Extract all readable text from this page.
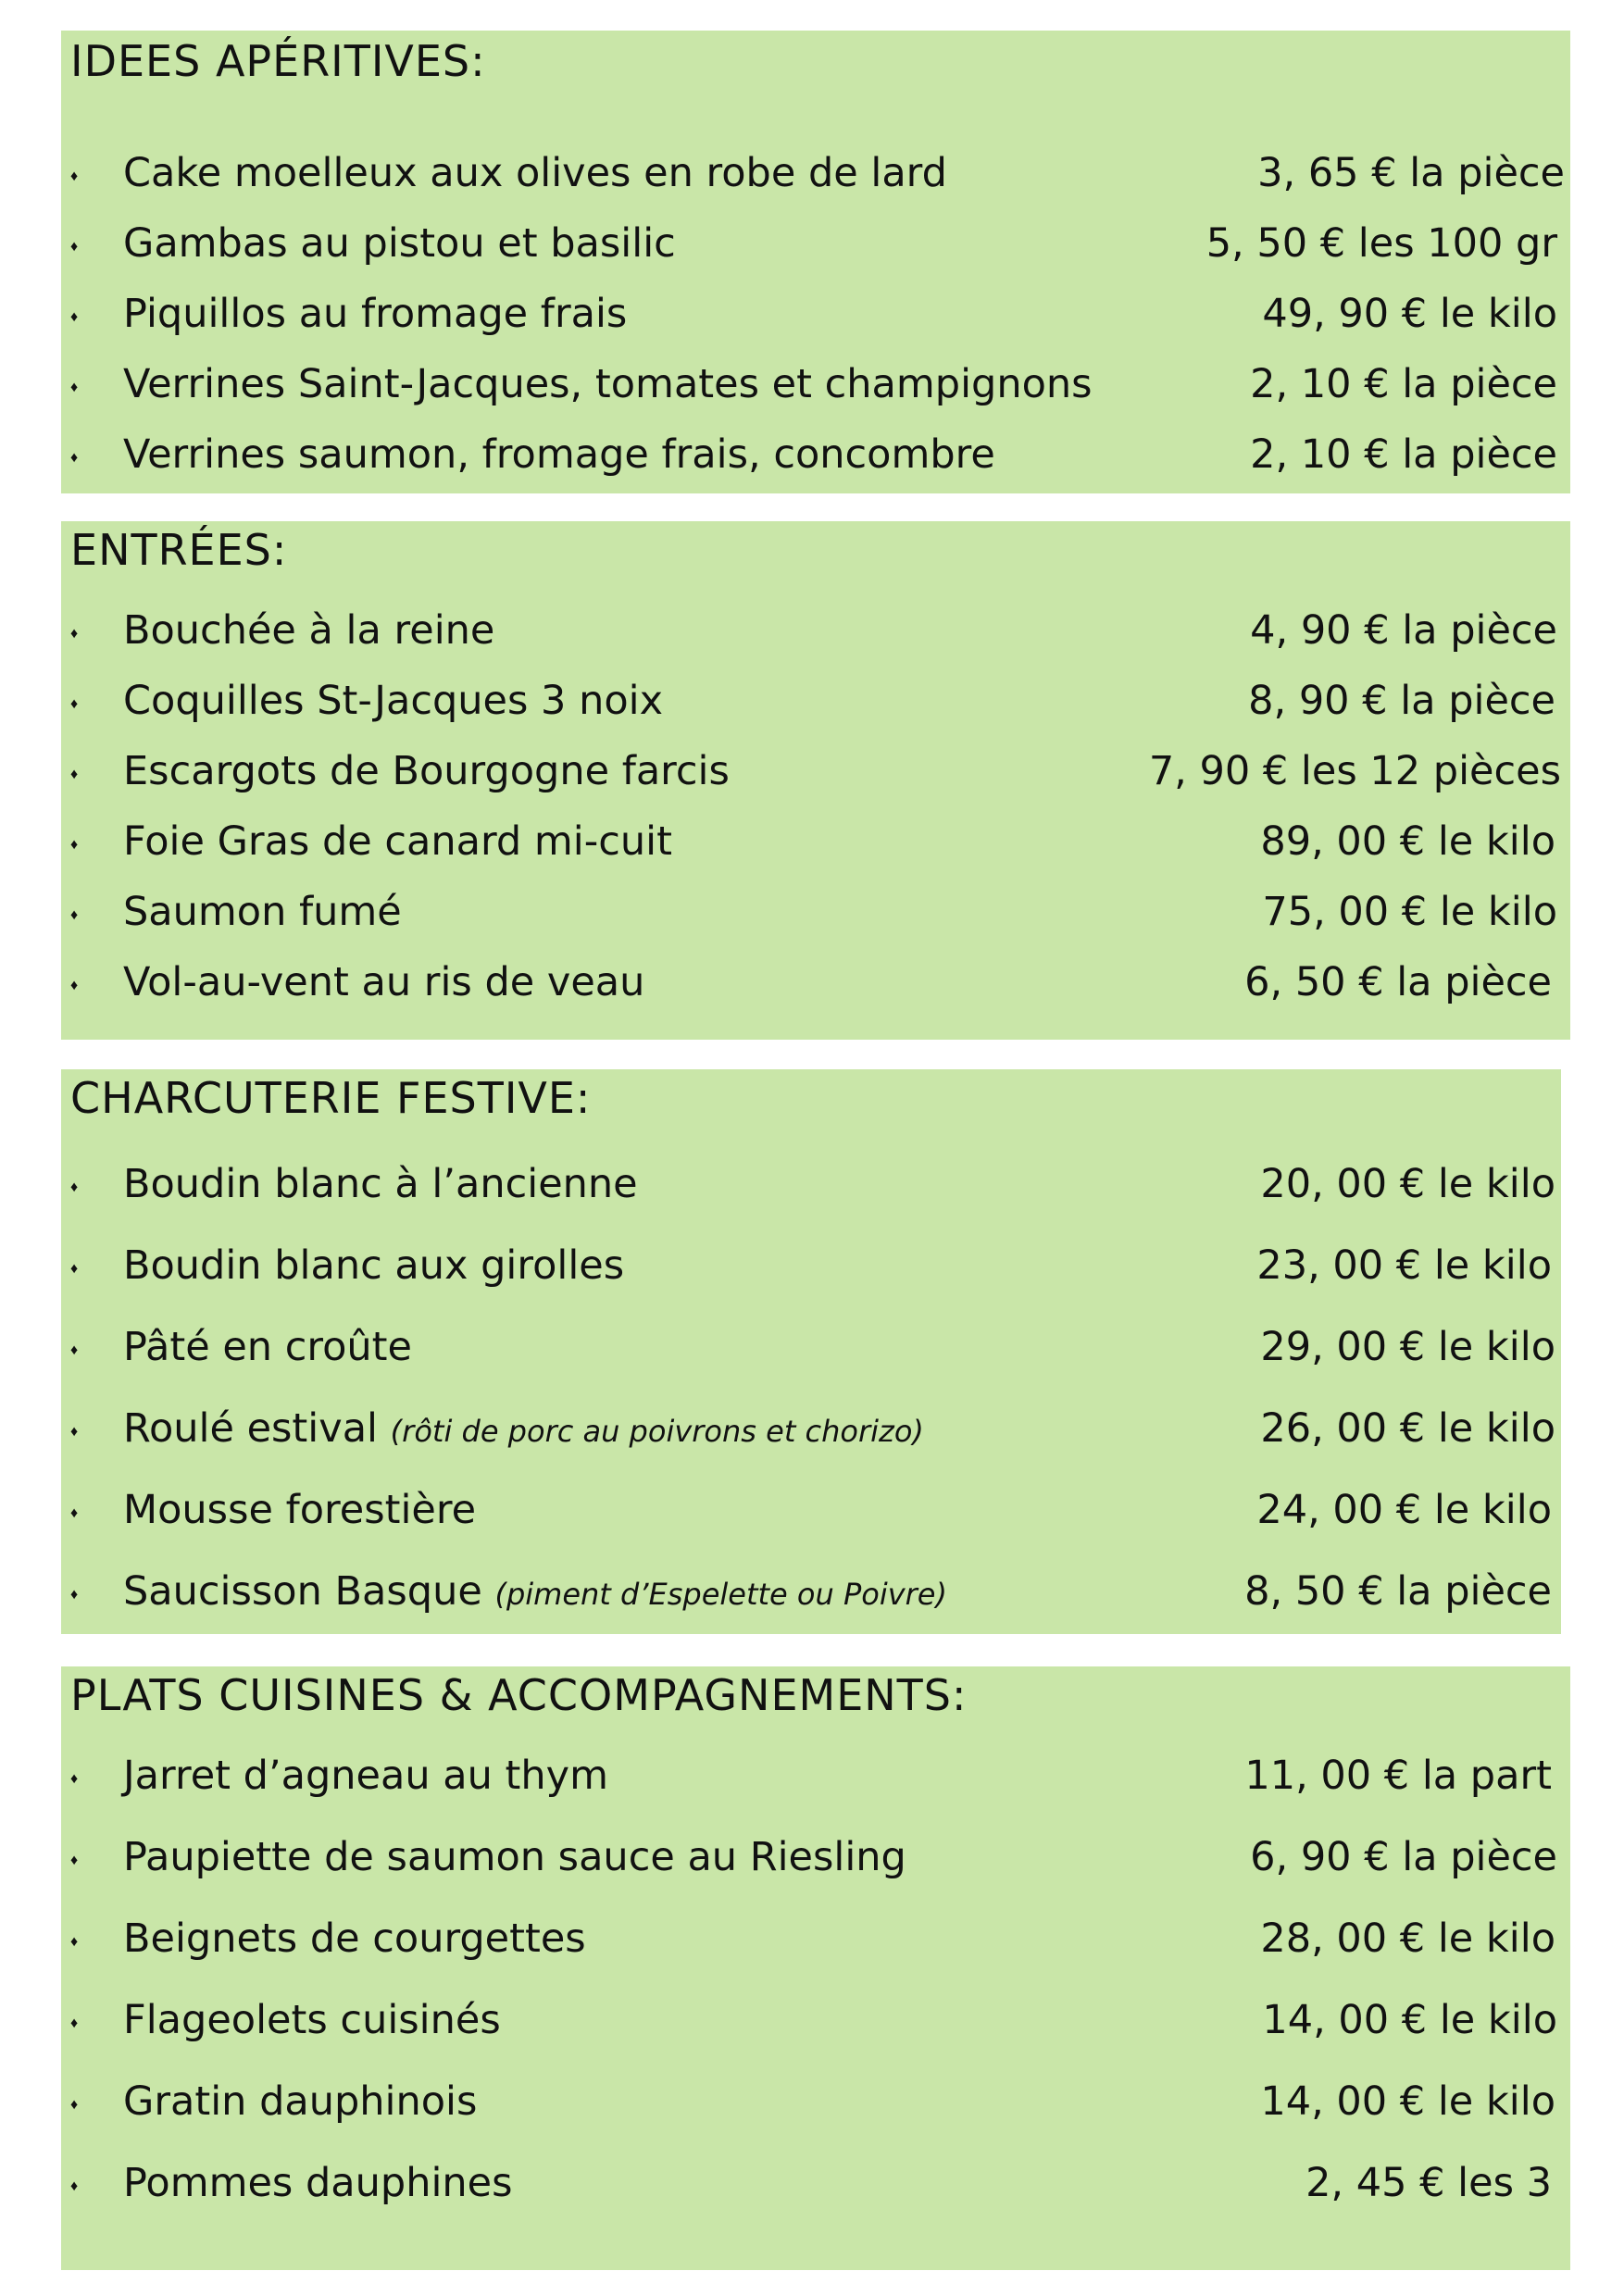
IDEES APÉRITIVES:
♦ Cake moelleux aux olives en robe de lard	3, 65 € la pièce
♦ Gambas au pistou et basilic	5, 50 € les 100 gr
♦ Piquillos au fromage frais	49, 90 € le kilo
♦ Verrines Saint-Jacques, tomates et champignons	2, 10 € la pièce
♦ Verrines saumon, fromage frais, concombre	2, 10 € la pièce
ENTRÉES:
♦ Bouchée à la reine	4, 90 € la pièce
♦ Coquilles St-Jacques 3 noix	8, 90 € la pièce
♦ Escargots de Bourgogne farcis	7, 90 € les 12 pièces
♦ Foie Gras de canard mi-cuit	89, 00 € le kilo
♦ Saumon fumé	75, 00 € le kilo
♦ Vol-au-vent au ris de veau	6, 50 € la pièce
CHARCUTERIE FESTIVE:
♦ Boudin blanc à l’ancienne	20, 00 € le kilo
♦ Boudin blanc aux girolles	23, 00 € le kilo
♦ Pâté en croûte	29, 00 € le kilo
♦ Roulé estival (rôti de porc au poivrons et chorizo)	26, 00 € le kilo
♦ Mousse forestière	24, 00 € le kilo
♦ Saucisson Basque (piment d’Espelette ou Poivre)	8, 50 € la pièce
PLATS CUISINES & ACCOMPAGNEMENTS:
♦ Jarret d’agneau au thym	11, 00 € la part
♦ Paupiette de saumon sauce au Riesling	6, 90 € la pièce
♦ Beignets de courgettes	28, 00 € le kilo
♦ Flageolets cuisinés	14, 00 € le kilo
♦ Gratin dauphinois	14, 00 € le kilo
♦ Pommes dauphines	2, 45 € les 3
